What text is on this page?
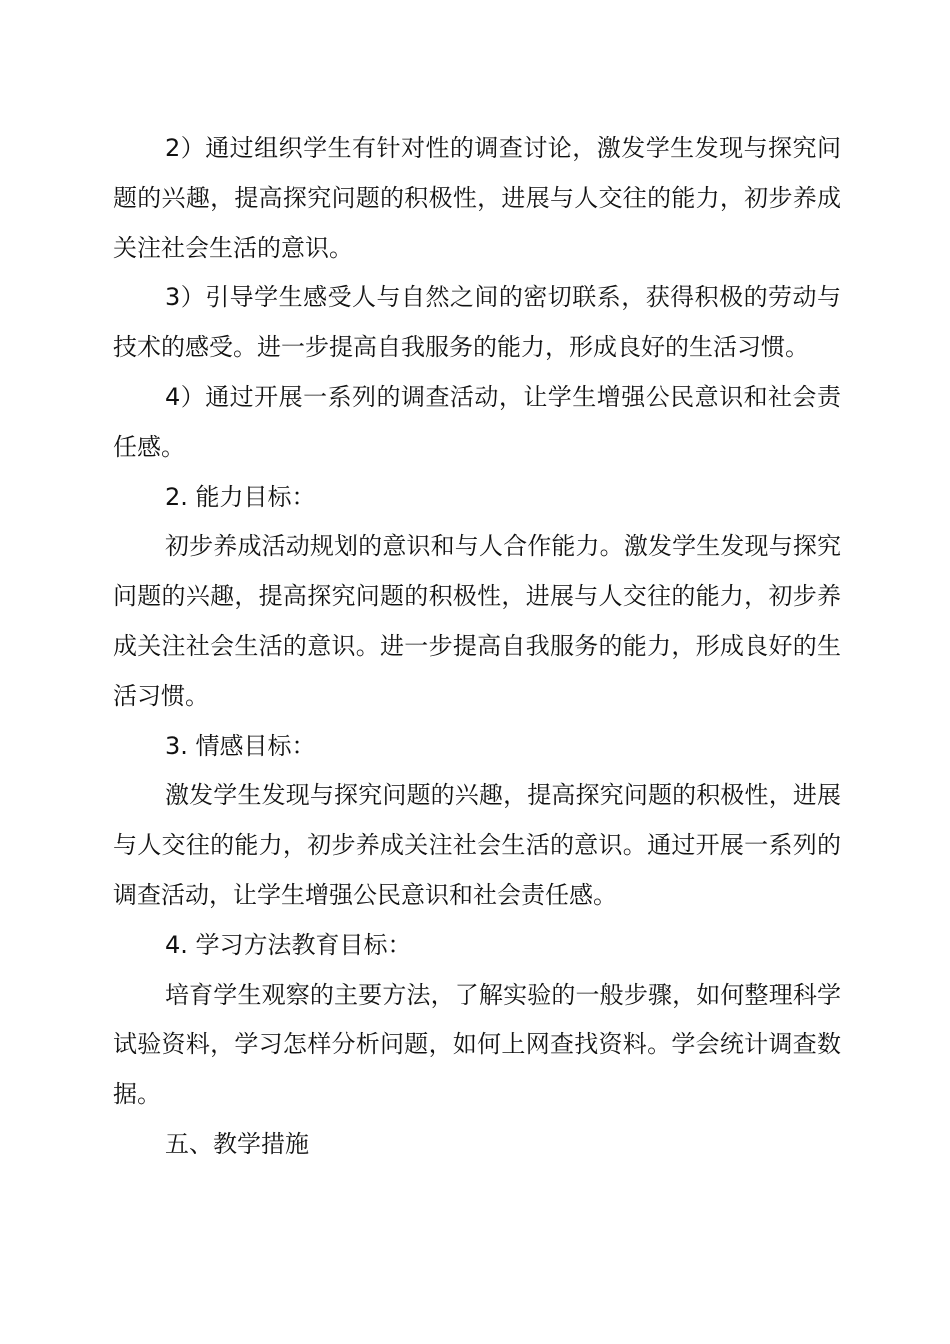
2）通过组织学生有针对性的调查讨论，激发学生发现与探究问题的兴趣，提高探究问题的积极性，进展与人交往的能力，初步养成关注社会生活的意识。

3）引导学生感受人与自然之间的密切联系，获得积极的劳动与技术的感受。进一步提高自我服务的能力，形成良好的生活习惯。

4）通过开展一系列的调查活动，让学生增强公民意识和社会责任感。

2. 能力目标：

初步养成活动规划的意识和与人合作能力。激发学生发现与探究问题的兴趣，提高探究问题的积极性，进展与人交往的能力，初步养成关注社会生活的意识。进一步提高自我服务的能力，形成良好的生活习惯。

3. 情感目标：

激发学生发现与探究问题的兴趣，提高探究问题的积极性，进展与人交往的能力，初步养成关注社会生活的意识。通过开展一系列的调查活动，让学生增强公民意识和社会责任感。

4. 学习方法教育目标：

培育学生观察的主要方法，了解实验的一般步骤，如何整理科学试验资料，学习怎样分析问题，如何上网查找资料。学会统计调查数据。

五、教学措施
